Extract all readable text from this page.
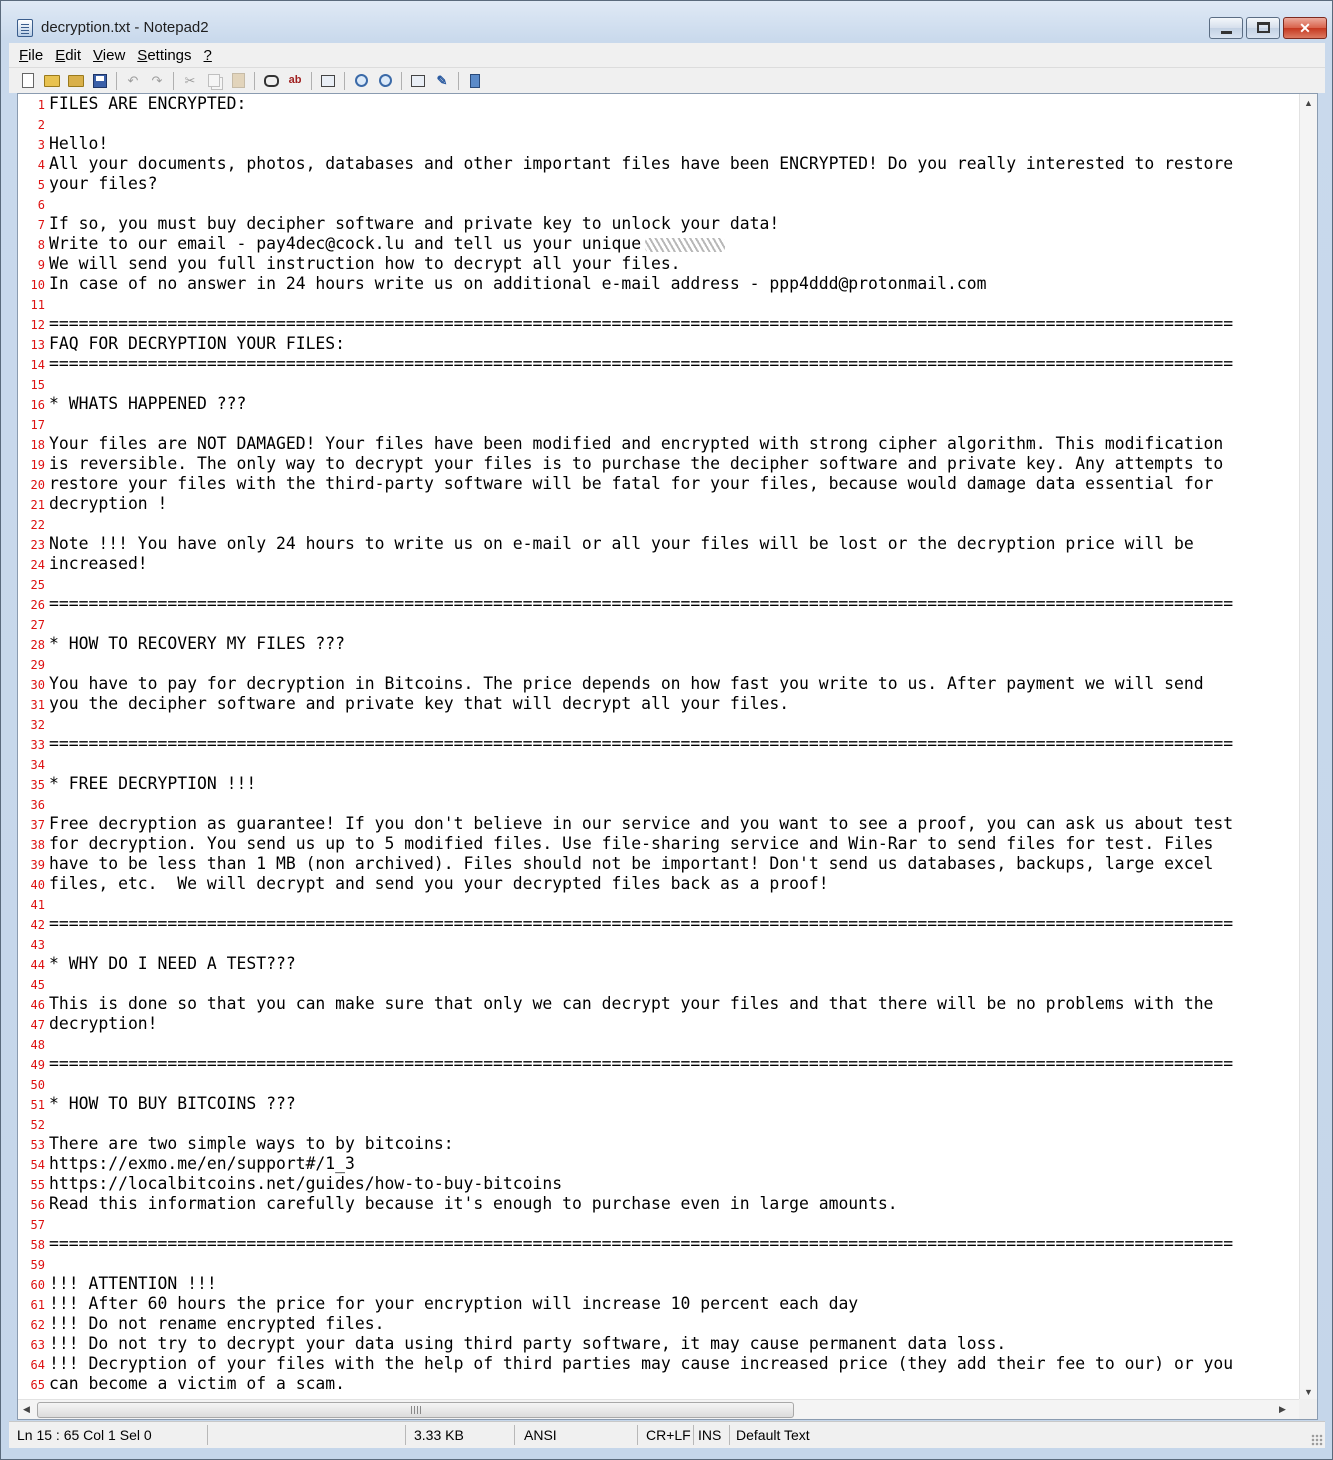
decryption.txt - Notepad2	✕
File Edit View Settings ?
↶ ↷ ✂	ab	✎
1
2
3
4
5
6
7
8
9
10
11
12
13
14
15
16
17
18
19
20
21
22
23
24
25
26
27
28
29
30
31
32
33
34
35
36
37
38
39
40
41
42
43
44
45
46
47
48
49
50
51
52
53
54
55
56
57
58
59
60
61
62
63
64
65
FILES ARE ENCRYPTED:
Hello!
All your documents, photos, databases and other important files have been ENCRYPTED! Do you really interested to restore
your files?
If so, you must buy decipher software and private key to unlock your data!
Write to our email - pay4dec@cock.lu and tell us your unique
We will send you full instruction how to decrypt all your files.
In case of no answer in 24 hours write us on additional e-mail address - ppp4ddd@protonmail.com
========================================================================================================================
FAQ FOR DECRYPTION YOUR FILES:
========================================================================================================================
* WHATS HAPPENED ???
Your files are NOT DAMAGED! Your files have been modified and encrypted with strong cipher algorithm. This modification
is reversible. The only way to decrypt your files is to purchase the decipher software and private key. Any attempts to
restore your files with the third-party software will be fatal for your files, because would damage data essential for
decryption !
Note !!! You have only 24 hours to write us on e-mail or all your files will be lost or the decryption price will be
increased!
========================================================================================================================
* HOW TO RECOVERY MY FILES ???
You have to pay for decryption in Bitcoins. The price depends on how fast you write to us. After payment we will send
you the decipher software and private key that will decrypt all your files.
========================================================================================================================
* FREE DECRYPTION !!!
Free decryption as guarantee! If you don't believe in our service and you want to see a proof, you can ask us about test
for decryption. You send us up to 5 modified files. Use file-sharing service and Win-Rar to send files for test. Files
have to be less than 1 MB (non archived). Files should not be important! Don't send us databases, backups, large excel
files, etc.  We will decrypt and send you your decrypted files back as a proof!
========================================================================================================================
* WHY DO I NEED A TEST???
This is done so that you can make sure that only we can decrypt your files and that there will be no problems with the
decryption!
========================================================================================================================
* HOW TO BUY BITCOINS ???
There are two simple ways to by bitcoins:
https://exmo.me/en/support#/1_3
https://localbitcoins.net/guides/how-to-buy-bitcoins
Read this information carefully because it's enough to purchase even in large amounts.
========================================================================================================================
!!! ATTENTION !!!
!!! After 60 hours the price for your encryption will increase 10 percent each day
!!! Do not rename encrypted files.
!!! Do not try to decrypt your data using third party software, it may cause permanent data loss.
!!! Decryption of your files with the help of third parties may cause increased price (they add their fee to our) or you
can become a victim of a scam.
▲
▼
◀	▶
Ln 15 : 65 Col 1 Sel 0	3.33 KB	ANSI	CR+LF INS Default Text
